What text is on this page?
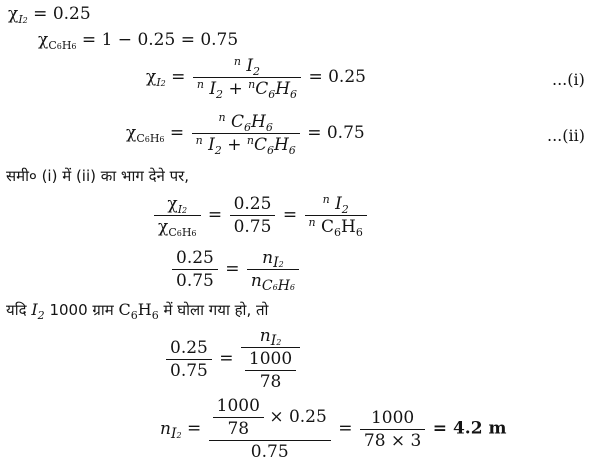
$\chi_{I2} = 0.25$
$\chi_{C6H6} = 1 - 0.25 = 0.75$
$\chi_{I2} = \frac{^n I_2}{^n I_2 + ^nC_6H_6} = 0.25$	...(i)
$\chi_{C6H6} = \frac{^n C_6H_6}{^n I_2 + ^nC_6H_6} = 0.75$	...(ii)
समी० (i) में (ii) का भाग देने पर,
$\frac{\chi_{I2}}{\chi_{C6H6}} = \frac{0.25}{0.75} = \frac{^n I_2}{^n C_6H_6}$
$\frac{0.25}{0.75} = \frac{n_{I2}}{n_{C6H6}}$
यदि $I_2$ 1000 ग्राम $C_6H_6$ में घोला गया हो, तो
$\frac{0.25}{0.75} = \frac{n_{I2}}{\frac{1000}{78}}$
$n_{I2} = \frac{\frac{1000}{78} \times 0.25}{0.75} = \frac{1000}{78 \times 3} = 4.2$ m
